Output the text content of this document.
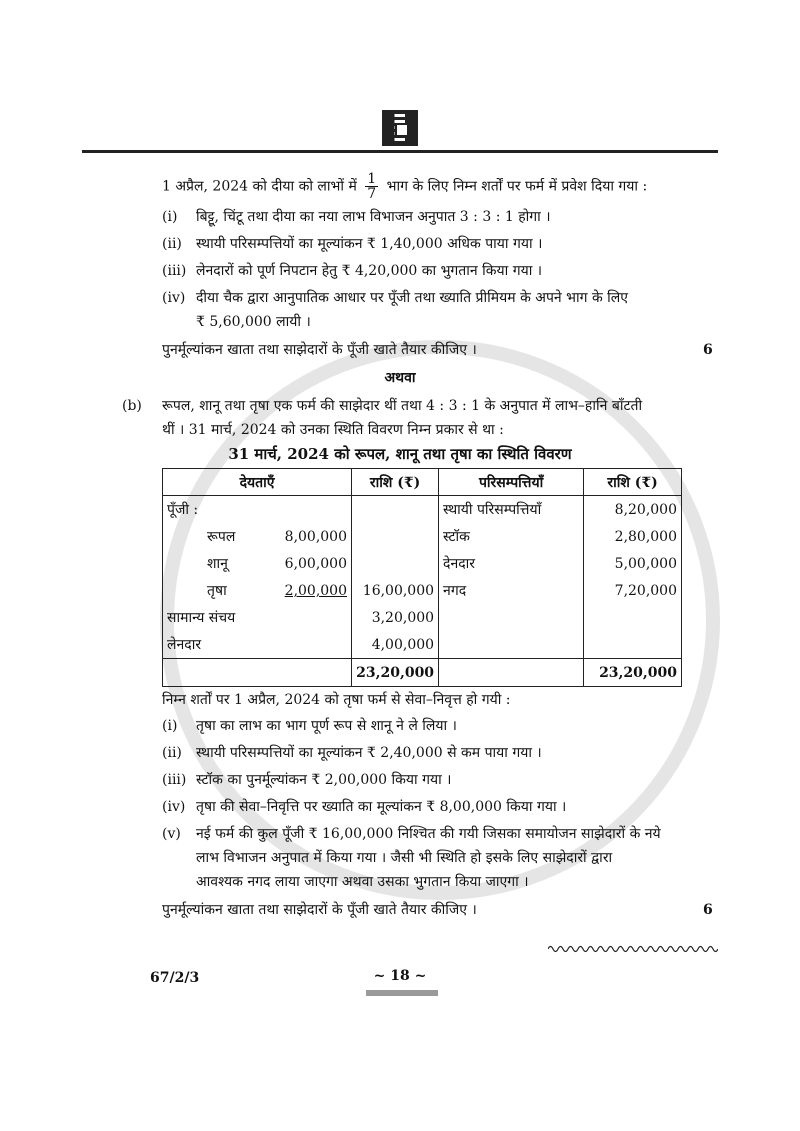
1 अप्रैल, 2024 को दीया को लाभों में $\frac{1}{7}$ भाग के लिए निम्न शर्तों पर फर्म में प्रवेश दिया गया :
(i) बिट्टू, चिंटू तथा दीया का नया लाभ विभाजन अनुपात 3 : 3 : 1 होगा ।
(ii) स्थायी परिसम्पत्तियों का मूल्यांकन ₹ 1,40,000 अधिक पाया गया ।
(iii) लेनदारों को पूर्ण निपटान हेतु ₹ 4,20,000 का भुगतान किया गया ।
(iv) दीया चैक द्वारा आनुपातिक आधार पर पूँजी तथा ख्याति प्रीमियम के अपने भाग के लिए
₹ 5,60,000 लायी ।
पुनर्मूल्यांकन खाता तथा साझेदारों के पूँजी खाते तैयार कीजिए ।	6
अथवा
(b) रूपल, शानू तथा तृषा एक फर्म की साझेदार थीं तथा 4 : 3 : 1 के अनुपात में लाभ–हानि बाँटती
थीं । 31 मार्च, 2024 को उनका स्थिति विवरण निम्न प्रकार से था :
31 मार्च, 2024 को रूपल, शानू तथा तृषा का स्थिति विवरण
देयताएँ	राशि (₹)	परिसम्पत्तियाँ	राशि (₹)
पूँजी :		स्थायी परिसम्पत्तियाँ	8,20,000
रूपल 8,00,000		स्टॉक	2,80,000
शानू 6,00,000		देनदार	5,00,000
तृषा 2,00,000	16,00,000	नगद	7,20,000
सामान्य संचय	3,20,000		
लेनदार	4,00,000		
	23,20,000		23,20,000
निम्न शर्तों पर 1 अप्रैल, 2024 को तृषा फर्म से सेवा–निवृत्त हो गयी :
(i) तृषा का लाभ का भाग पूर्ण रूप से शानू ने ले लिया ।
(ii) स्थायी परिसम्पत्तियों का मूल्यांकन ₹ 2,40,000 से कम पाया गया ।
(iii) स्टॉक का पुनर्मूल्यांकन ₹ 2,00,000 किया गया ।
(iv) तृषा की सेवा–निवृत्ति पर ख्याति का मूल्यांकन ₹ 8,00,000 किया गया ।
(v) नई फर्म की कुल पूँजी ₹ 16,00,000 निश्चित की गयी जिसका समायोजन साझेदारों के नये
लाभ विभाजन अनुपात में किया गया । जैसी भी स्थिति हो इसके लिए साझेदारों द्वारा
आवश्यक नगद लाया जाएगा अथवा उसका भुगतान किया जाएगा ।
पुनर्मूल्यांकन खाता तथा साझेदारों के पूँजी खाते तैयार कीजिए ।	6
67/2/3	~ 18 ~
